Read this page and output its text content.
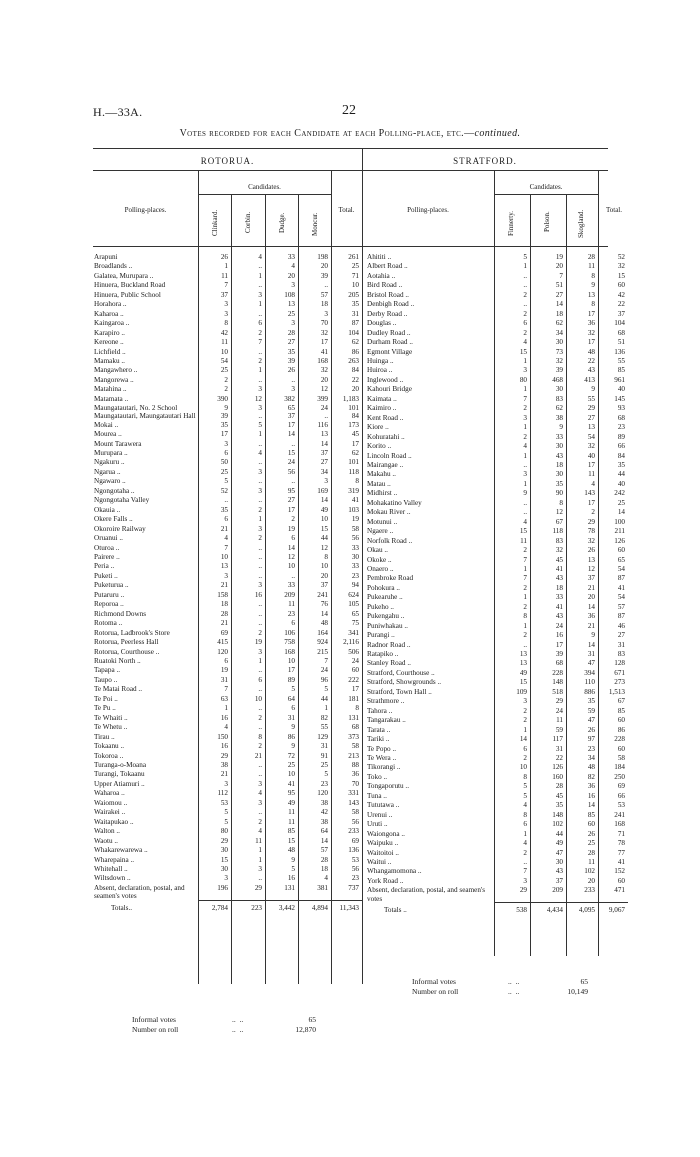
H.—33A.	22
Votes recorded for each Candidate at each Polling-place, etc.—continued.
ROTORUA.
Polling-places.
Candidates.
Clinkard.	Corbin.	Dudge.	Moncur.
Total.
STRATFORD.
Polling-places.
Candidates.
Finnerty.	Polson.	Skogland.	Total.
Arapuni	26	4	33	198	261
Broadlands ..	1	..	4	20	25
Galatea, Murupara ..	11	1	20	39	71
Hinuera, Buckland Road	7	..	3	..	10
Hinuera, Public School	37	3	108	57	205
Horahora ..	3	1	13	18	35
Kaharoa ..	3	..	25	3	31
Kaingaroa ..	8	6	3	70	87
Karapiro ..	42	2	28	32	104
Kereone ..	11	7	27	17	62
Lichfield ..	10	..	35	41	86
Mamaku ..	54	2	39	168	263
Mangawhero ..	25	1	26	32	84
Mangorewa ..	2	..	..	20	22
Matahina ..	2	3	3	12	20
Matamata ..	390	12	382	399	1,183
Maungatautari, No. 2 School	9	3	65	24	101
Maungatautari, Maungatautari Hall	39	..	37	..	84
Mokai ..	35	5	17	116	173
Mourea ..	17	1	14	13	45
Mount Tarawera	3	..	..	14	17
Murupara ..	6	4	15	37	62
Ngakuru ..	50	..	24	27	101
Ngarua ..	25	3	56	34	118
Ngawaro ..	5	..	..	3	8
Ngongotaha ..	52	3	95	169	319
Ngongotaha Valley	..	..	27	14	41
Okauia ..	35	2	17	49	103
Okere Falls ..	6	1	2	10	19
Okoroire Railway	21	3	19	15	58
Oruanui ..	4	2	6	44	56
Oturoa ..	7	..	14	12	33
Pairere ..	10	..	12	8	30
Peria ..	13	..	10	10	33
Puketi ..	3	..	..	20	23
Puketurua ..	21	3	33	37	94
Putaruru ..	158	16	209	241	624
Reporoa ..	18	..	11	76	105
Richmond Downs	28	..	23	14	65
Rotoma ..	21	..	6	48	75
Rotorua, Ladbrook's Store	69	2	106	164	341
Rotorua, Peerless Hall	415	19	758	924	2,116
Rotorua, Courthouse ..	120	3	168	215	506
Ruatoki North ..	6	1	10	7	24
Tapapa ..	19	..	17	24	60
Taupo ..	31	6	89	96	222
Te Matai Road ..	7	..	5	5	17
Te Poi ..	63	10	64	44	181
Te Pu ..	1	..	6	1	8
Te Whaiti ..	16	2	31	82	131
Te Whetu ..	4	..	9	55	68
Tirau ..	150	8	86	129	373
Tokaanu ..	16	2	9	31	58
Tokoroa ..	29	21	72	91	213
Turanga-o-Moana	38	..	25	25	88
Turangi, Tokaanu	21	..	10	5	36
Upper Atiamuri ..	3	3	41	23	70
Waharoa ..	112	4	95	120	331
Waiomou ..	53	3	49	38	143
Wairakei ..	5	..	11	42	58
Waitapukao ..	5	2	11	38	56
Walton ..	80	4	85	64	233
Waotu ..	29	11	15	14	69
Whakarewarewa ..	30	1	48	57	136
Wharepaina ..	15	1	9	28	53
Whitehall ..	30	3	5	18	56
Wiltsdown ..	3	..	16	4	23
Absent, declaration, postal, and seamen's votes	196	29	131	381	737
Totals..	2,784	223	3,442	4,894	11,343
Ahititi ..	5	19	28	52
Albert Road ..	1	20	11	32
Aotahia ..	..	7	8	15
Bird Road ..	..	51	9	60
Bristol Road ..	2	27	13	42
Denbigh Road ..	..	14	8	22
Derby Road ..	2	18	17	37
Douglas ..	6	62	36	104
Dudley Road ..	2	34	32	68
Durham Road ..	4	30	17	51
Egmont Village	15	73	48	136
Huinga ..	1	32	22	55
Huiroa ..	3	39	43	85
Inglewood ..	80	468	413	961
Kahouri Bridge	1	30	9	40
Kaimata ..	7	83	55	145
Kaimiro ..	2	62	29	93
Kent Road ..	3	38	27	68
Kiore ..	1	9	13	23
Kohuratahi ..	2	33	54	89
Korito ..	4	30	32	66
Lincoln Road ..	1	43	40	84
Mairangae ..	..	18	17	35
Makahu ..	3	30	11	44
Matau ..	1	35	4	40
Midhirst ..	9	90	143	242
Mohakatino Valley	..	8	17	25
Mokau River ..	..	12	2	14
Motunui ..	4	67	29	100
Ngaere ..	15	118	78	211
Norfolk Road ..	11	83	32	126
Okau ..	2	32	26	60
Okoke ..	7	45	13	65
Onaero ..	1	41	12	54
Pembroke Road	7	43	37	87
Pohokura ..	2	18	21	41
Pukearuhe ..	1	33	20	54
Pukeho ..	2	41	14	57
Pukengahu ..	8	43	36	87
Puniwhakau ..	1	24	21	46
Purangi ..	2	16	9	27
Radnor Road ..	..	17	14	31
Ratapiko ..	13	39	31	83
Stanley Road ..	13	68	47	128
Stratford, Courthouse ..	49	228	394	671
Stratford, Showgrounds ..	15	148	110	273
Stratford, Town Hall ..	109	518	886	1,513
Strathmore ..	3	29	35	67
Tahora ..	2	24	59	85
Tangarakau ..	2	11	47	60
Tarata ..	1	59	26	86
Tariki ..	14	117	97	228
Te Popo ..	6	31	23	60
Te Wera ..	2	22	34	58
Tikorangi ..	10	126	48	184
Toko ..	8	160	82	250
Tongaporutu ..	5	28	36	69
Tuna ..	5	45	16	66
Tututawa ..	4	35	14	53
Urenui ..	8	148	85	241
Uruti ..	6	102	60	168
Waiongona ..	1	44	26	71
Waipuku ..	4	49	25	78
Waitoitoi ..	2	47	28	77
Waitui ..	..	30	11	41
Whangamomona ..	7	43	102	152
York Road ..	3	37	20	60
Absent, declaration, postal, and seamen's votes	29	209	233	471
Totals ..	538	4,434	4,095	9,067
Informal votes	..  ..	65
Number on roll	..  ..	12,870
Informal votes	..  ..	65
Number on roll	..  ..	10,149
